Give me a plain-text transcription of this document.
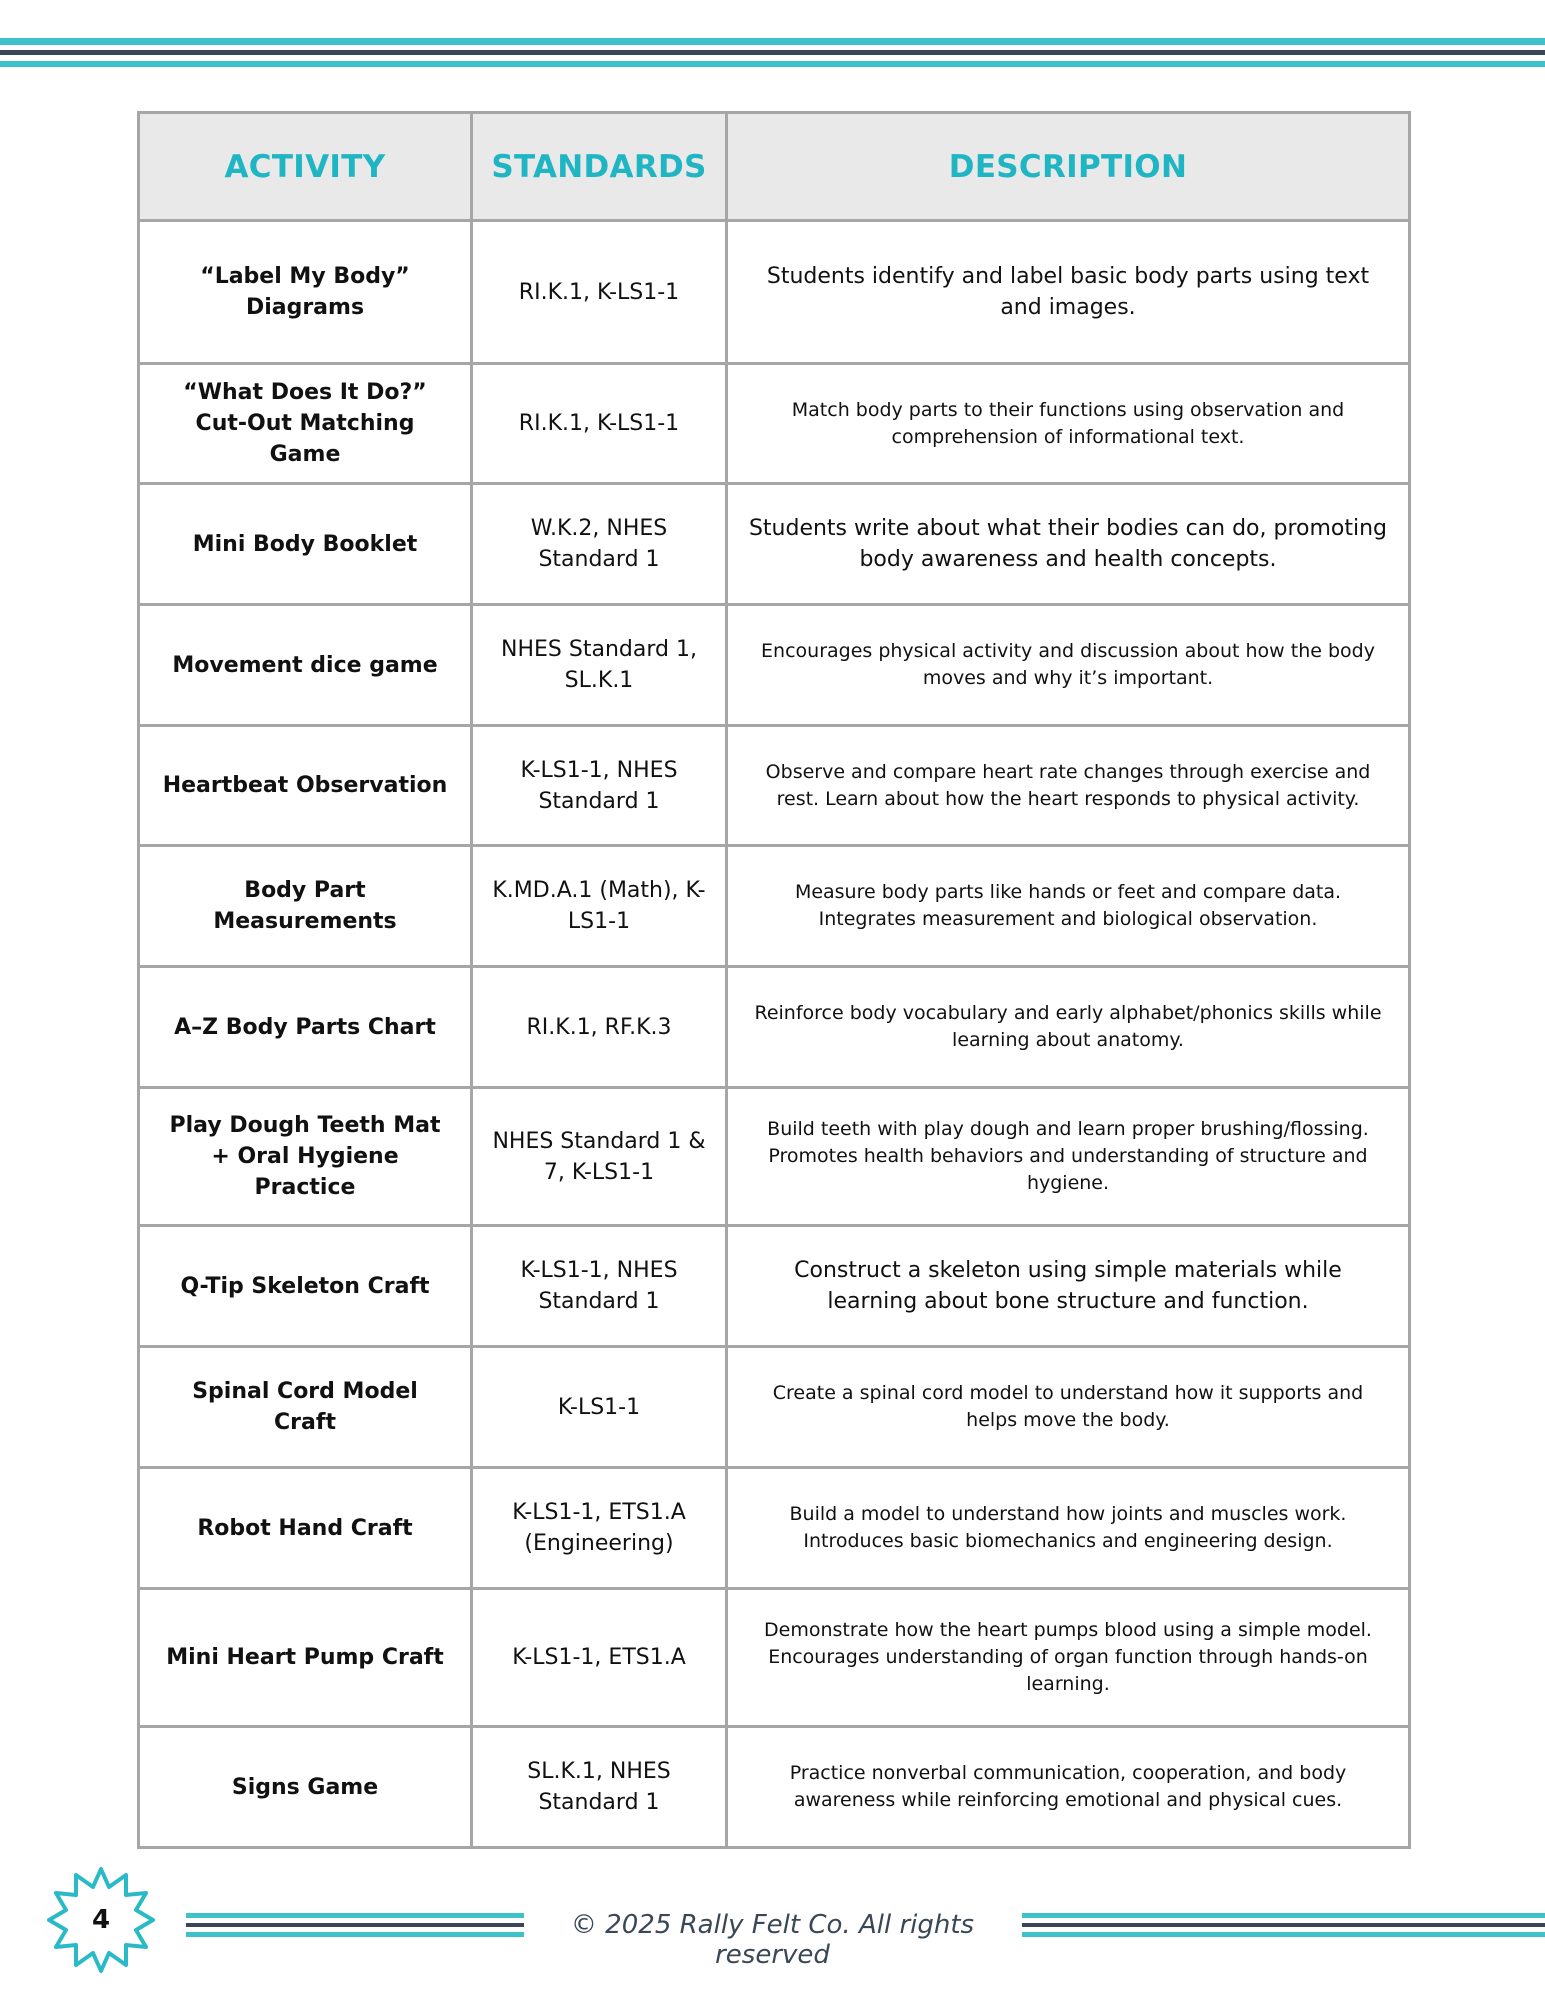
ACTIVITY	STANDARDS	DESCRIPTION
“Label My Body” Diagrams	RI.K.1, K-LS1-1	Students identify and label basic body parts using text and images.
“What Does It Do?” Cut-Out Matching Game	RI.K.1, K-LS1-1	Match body parts to their functions using observation and comprehension of informational text.
Mini Body Booklet	W.K.2, NHES Standard 1	Students write about what their bodies can do, promoting body awareness and health concepts.
Movement dice game	NHES Standard 1, SL.K.1	Encourages physical activity and discussion about how the body moves and why it’s important.
Heartbeat Observation	K-LS1-1, NHES Standard 1	Observe and compare heart rate changes through exercise and rest. Learn about how the heart responds to physical activity.
Body Part Measurements	K.MD.A.1 (Math), K-LS1-1	Measure body parts like hands or feet and compare data. Integrates measurement and biological observation.
A–Z Body Parts Chart	RI.K.1, RF.K.3	Reinforce body vocabulary and early alphabet/phonics skills while learning about anatomy.
Play Dough Teeth Mat + Oral Hygiene Practice	NHES Standard 1 & 7, K-LS1-1	Build teeth with play dough and learn proper brushing/flossing. Promotes health behaviors and understanding of structure and hygiene.
Q-Tip Skeleton Craft	K-LS1-1, NHES Standard 1	Construct a skeleton using simple materials while learning about bone structure and function.
Spinal Cord Model Craft	K-LS1-1	Create a spinal cord model to understand how it supports and helps move the body.
Robot Hand Craft	K-LS1-1, ETS1.A (Engineering)	Build a model to understand how joints and muscles work. Introduces basic biomechanics and engineering design.
Mini Heart Pump Craft	K-LS1-1, ETS1.A	Demonstrate how the heart pumps blood using a simple model. Encourages understanding of organ function through hands-on learning.
Signs Game	SL.K.1, NHES Standard 1	Practice nonverbal communication, cooperation, and body awareness while reinforcing emotional and physical cues.
4	© 2025 Rally Felt Co. All rights reserved
